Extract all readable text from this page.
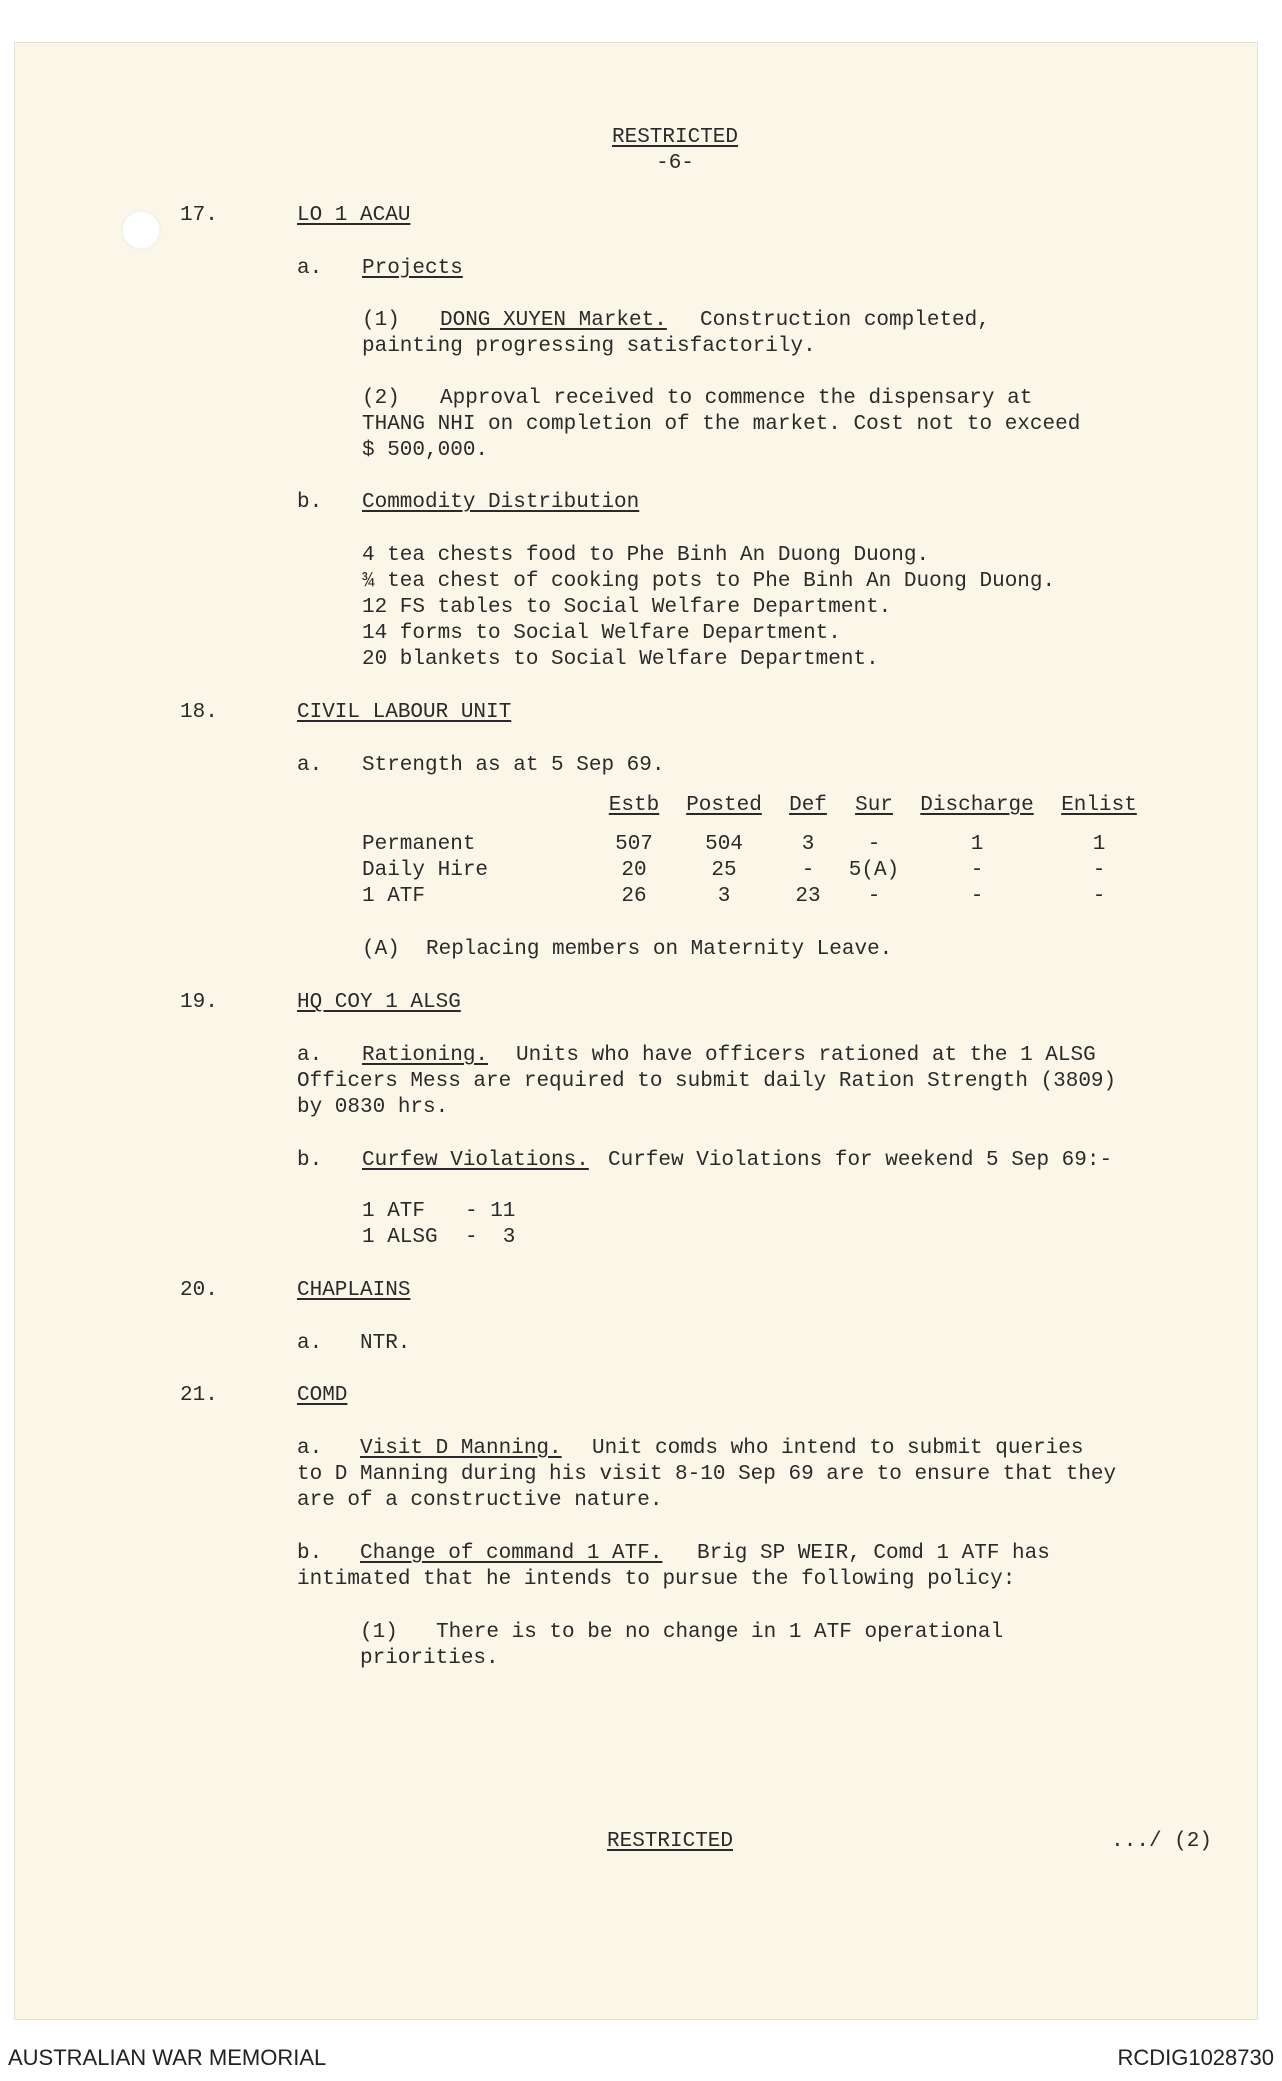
RESTRICTED
-6-
17.	LO 1 ACAU
a. Projects
(1) DONG XUYEN Market. Construction completed,
painting progressing satisfactorily.
(2) Approval received to commence the dispensary at
THANG NHI on completion of the market. Cost not to exceed
$ 500,000.
b. Commodity Distribution
4 tea chests food to Phe Binh An Duong Duong.
¾ tea chest of cooking pots to Phe Binh An Duong Duong.
12 FS tables to Social Welfare Department.
14 forms to Social Welfare Department.
20 blankets to Social Welfare Department.
18.	CIVIL LABOUR UNIT
a. Strength as at 5 Sep 69.
Estb	Posted	Def	Sur	Discharge	Enlist
Permanent	507	504	3	-	1	1
Daily Hire	20	25	-	5(A)	-	-
1 ATF	26	3	23	-	-	-
(A) Replacing members on Maternity Leave.
19.	HQ COY 1 ALSG
a. Rationing. Units who have officers rationed at the 1 ALSG
Officers Mess are required to submit daily Ration Strength (3809)
by 0830 hrs.
b. Curfew Violations. Curfew Violations for weekend 5 Sep 69:-
1 ATF - 11
1 ALSG -  3
20.	CHAPLAINS
a. NTR.
21.	COMD
a. Visit D Manning. Unit comds who intend to submit queries
to D Manning during his visit 8-10 Sep 69 are to ensure that they
are of a constructive nature.
b. Change of command 1 ATF. Brig SP WEIR, Comd 1 ATF has
intimated that he intends to pursue the following policy:
(1) There is to be no change in 1 ATF operational
priorities.
RESTRICTED	.../ (2)
AUSTRALIAN WAR MEMORIAL	RCDIG1028730
